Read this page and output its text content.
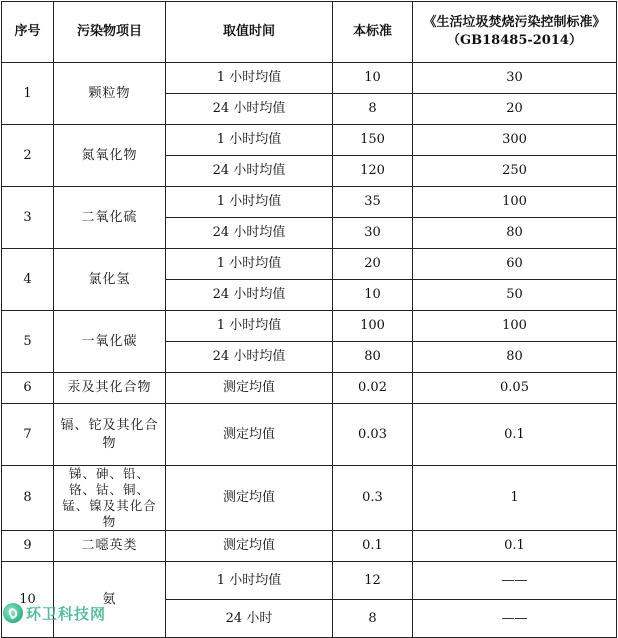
序号	污染物项目	取值时间	本标准	《生活垃圾焚烧污染控制标准》（GB18485-2014）
1	颗粒物	1 小时均值	10	30
		24 小时均值	8	20
2	氮氧化物	1 小时均值	150	300
		24 小时均值	120	250
3	二氧化硫	1 小时均值	35	100
		24 小时均值	30	80
4	氯化氢	1 小时均值	20	60
		24 小时均值	10	50
5	一氧化碳	1 小时均值	100	100
		24 小时均值	80	80
6	汞及其化合物	测定均值	0.02	0.05
7	镉、铊及其化合物	测定均值	0.03	0.1
8	锑、砷、铅、铬、钴、铜、锰、镍及其化合物	测定均值	0.3	1
9	二噁英类	测定均值	0.1	0.1
10	氨	1 小时均值	12	——
		24 小时	8	——
环卫科技网
